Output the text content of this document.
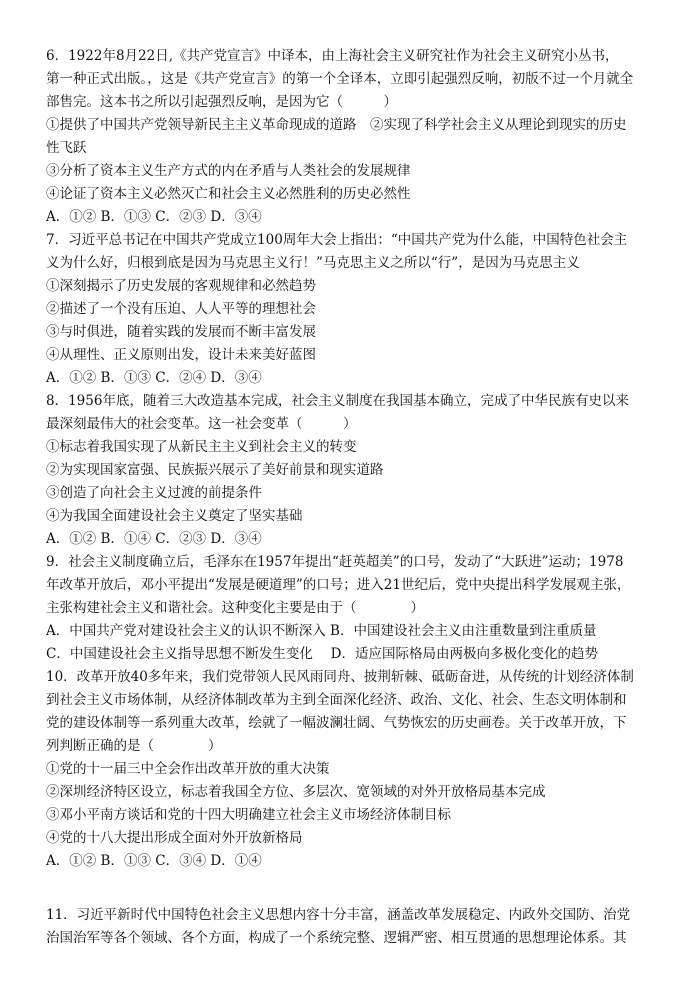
6．1922年8月22日,《共产党宣言》中译本，由上海社会主义研究社作为社会主义研究小丛书，
第一种正式出版。，这是《共产党宣言》的第一个全译本，立即引起强烈反响，初版不过一个月就全
部售完。这本书之所以引起强烈反响，是因为它（　　　）
①提供了中国共产党领导新民主主义革命现成的道路　②实现了科学社会主义从理论到现实的历史
性飞跃
③分析了资本主义生产方式的内在矛盾与人类社会的发展规律
④论证了资本主义必然灭亡和社会主义必然胜利的历史必然性
A．①② B．①③ C．②③ D．③④
7．习近平总书记在中国共产党成立100周年大会上指出：“中国共产党为什么能，中国特色社会主
义为什么好，归根到底是因为马克思主义行！”马克思主义之所以“行”，是因为马克思主义
①深刻揭示了历史发展的客观规律和必然趋势
②描述了一个没有压迫、人人平等的理想社会
③与时俱进，随着实践的发展而不断丰富发展
④从理性、正义原则出发，设计未来美好蓝图
A．①② B．①③ C．②④ D．③④
8．1956年底，随着三大改造基本完成，社会主义制度在我国基本确立，完成了中华民族有史以来
最深刻最伟大的社会变革。这一社会变革（　　　）
①标志着我国实现了从新民主主义到社会主义的转变
②为实现国家富强、民族振兴展示了美好前景和现实道路
③创造了向社会主义过渡的前提条件
④为我国全面建设社会主义奠定了坚实基础
A．①② B．①④ C．②③ D．③④
9．社会主义制度确立后，毛泽东在1957年提出“赶英超美”的口号，发动了“大跃进”运动；1978
年改革开放后，邓小平提出“发展是硬道理”的口号；进入21世纪后，党中央提出科学发展观主张，
主张构建社会主义和谐社会。这种变化主要是由于（　　　　）
A．中国共产党对建设社会主义的认识不断深入 B．中国建设社会主义由注重数量到注重质量
C．中国建设社会主义指导思想不断发生变化　 D．适应国际格局由两极向多极化变化的趋势
10．改革开放40多年来，我们党带领人民风雨同舟、披荆斩棘、砥砺奋进，从传统的计划经济体制
到社会主义市场体制，从经济体制改革为主到全面深化经济、政治、文化、社会、生态文明体制和
党的建设体制等一系列重大改革，绘就了一幅波澜壮阔、气势恢宏的历史画卷。关于改革开放，下
列判断正确的是（　　　　）
①党的十一届三中全会作出改革开放的重大决策
②深圳经济特区设立，标志着我国全方位、多层次、宽领域的对外开放格局基本完成
③邓小平南方谈话和党的十四大明确建立社会主义市场经济体制目标
④党的十八大提出形成全面对外开放新格局
A．①② B．①③ C．③④ D．①④
11．习近平新时代中国特色社会主义思想内容十分丰富，涵盖改革发展稳定、内政外交国防、治党
治国治军等各个领域、各个方面，构成了一个系统完整、逻辑严密、相互贯通的思想理论体系。其
